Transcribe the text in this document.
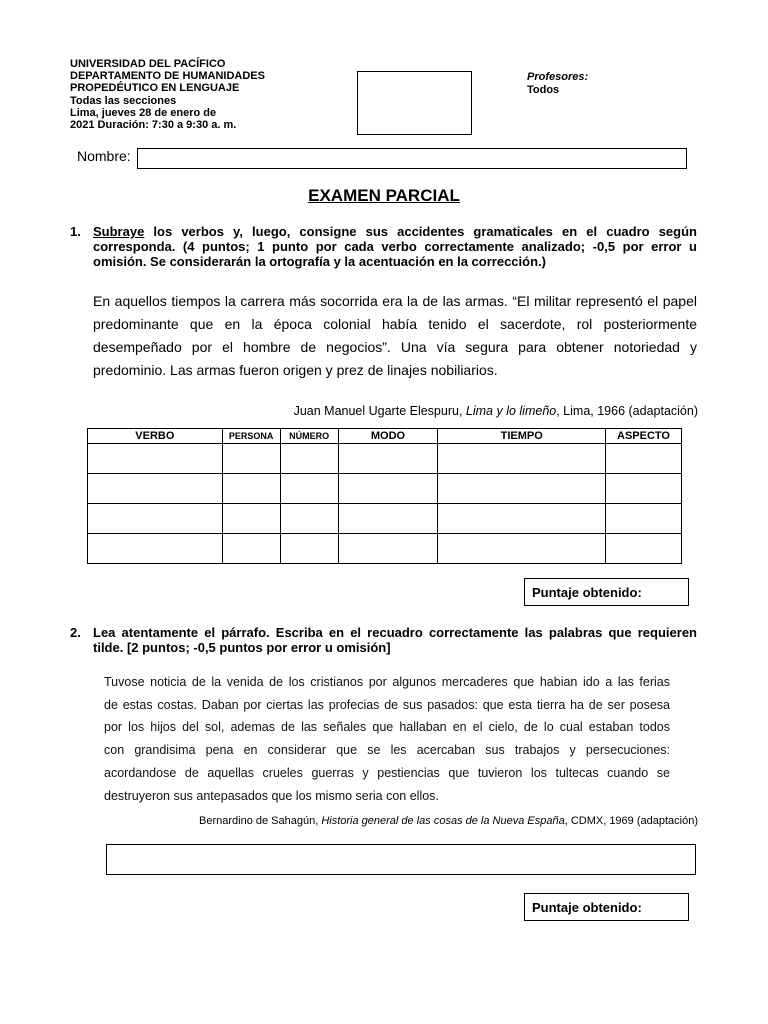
UNIVERSIDAD DEL PACÍFICO
DEPARTAMENTO DE HUMANIDADES
PROPEDÉUTICO EN LENGUAJE
Todas las secciones
Lima, jueves 28 de enero de
2021 Duración: 7:30 a 9:30 a. m.
Profesores:
Todos
Nombre:
EXAMEN PARCIAL
1. Subraye los verbos y, luego, consigne sus accidentes gramaticales en el cuadro según corresponda. (4 puntos; 1 punto por cada verbo correctamente analizado; -0,5 por error u omisión. Se considerarán la ortografía y la acentuación en la corrección.)
En aquellos tiempos la carrera más socorrida era la de las armas. “El militar representó el papel predominante que en la época colonial había tenido el sacerdote, rol posteriormente desempeñado por el hombre de negocios”. Una vía segura para obtener notoriedad y predominio. Las armas fueron origen y prez de linajes nobiliarios.
Juan Manuel Ugarte Elespuru, Lima y lo limeño, Lima, 1966 (adaptación)
VERBO	PERSONA	NÚMERO	MODO	TIEMPO	ASPECTO

Puntaje obtenido:
2. Lea atentamente el párrafo. Escriba en el recuadro correctamente las palabras que requieren tilde. [2 puntos; -0,5 puntos por error u omisión]
Tuvose noticia de la venida de los cristianos por algunos mercaderes que habian ido a las ferias
de estas costas. Daban por ciertas las profecias de sus pasados: que esta tierra ha de ser posesa
por los hijos del sol, ademas de las señales que hallaban en el cielo, de lo cual estaban todos
con grandisima pena en considerar que se les acercaban sus trabajos y persecuciones:
acordandose de aquellas crueles guerras y pestiencias que tuvieron los tultecas cuando se
destruyeron sus antepasados que los mismo seria con ellos.
Bernardino de Sahagún, Historia general de las cosas de la Nueva España, CDMX, 1969 (adaptación)
Puntaje obtenido:
